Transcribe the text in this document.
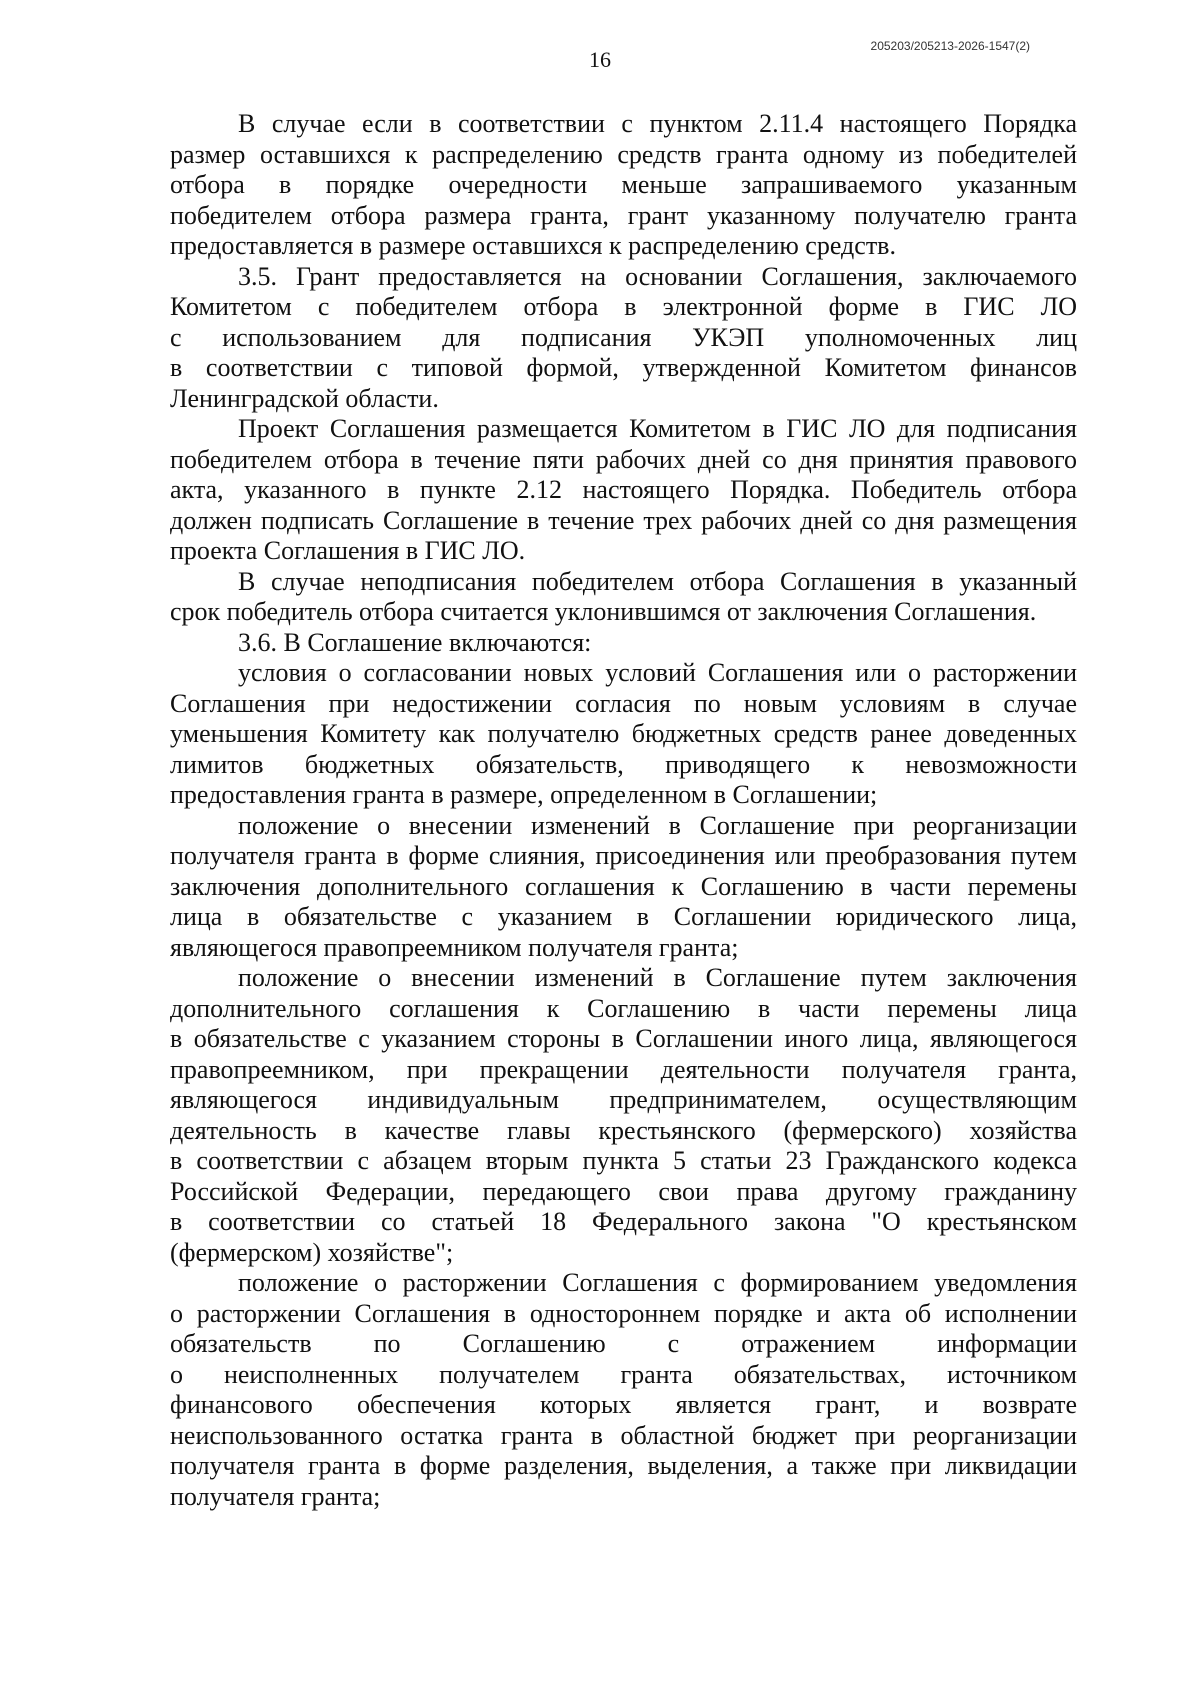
16
205203/205213-2026-1547(2)
В случае если в соответствии с пунктом 2.11.4 настоящего Порядка
размер оставшихся к распределению средств гранта одному из победителей
отбора в порядке очередности меньше запрашиваемого указанным
победителем отбора размера гранта, грант указанному получателю гранта
предоставляется в размере оставшихся к распределению средств.
3.5. Грант предоставляется на основании Соглашения, заключаемого
Комитетом с победителем отбора в электронной форме в ГИС ЛО
с использованием для подписания УКЭП уполномоченных лиц
в соответствии с типовой формой, утвержденной Комитетом финансов
Ленинградской области.
Проект Соглашения размещается Комитетом в ГИС ЛО для подписания
победителем отбора в течение пяти рабочих дней со дня принятия правового
акта, указанного в пункте 2.12 настоящего Порядка. Победитель отбора
должен подписать Соглашение в течение трех рабочих дней со дня размещения
проекта Соглашения в ГИС ЛО.
В случае неподписания победителем отбора Соглашения в указанный
срок победитель отбора считается уклонившимся от заключения Соглашения.
3.6. В Соглашение включаются:
условия о согласовании новых условий Соглашения или о расторжении
Соглашения при недостижении согласия по новым условиям в случае
уменьшения Комитету как получателю бюджетных средств ранее доведенных
лимитов бюджетных обязательств, приводящего к невозможности
предоставления гранта в размере, определенном в Соглашении;
положение о внесении изменений в Соглашение при реорганизации
получателя гранта в форме слияния, присоединения или преобразования путем
заключения дополнительного соглашения к Соглашению в части перемены
лица в обязательстве с указанием в Соглашении юридического лица,
являющегося правопреемником получателя гранта;
положение о внесении изменений в Соглашение путем заключения
дополнительного соглашения к Соглашению в части перемены лица
в обязательстве с указанием стороны в Соглашении иного лица, являющегося
правопреемником, при прекращении деятельности получателя гранта,
являющегося индивидуальным предпринимателем, осуществляющим
деятельность в качестве главы крестьянского (фермерского) хозяйства
в соответствии с абзацем вторым пункта 5 статьи 23 Гражданского кодекса
Российской Федерации, передающего свои права другому гражданину
в соответствии со статьей 18 Федерального закона "О крестьянском
(фермерском) хозяйстве";
положение о расторжении Соглашения с формированием уведомления
о расторжении Соглашения в одностороннем порядке и акта об исполнении
обязательств по Соглашению с отражением информации
о неисполненных получателем гранта обязательствах, источником
финансового обеспечения которых является грант, и возврате
неиспользованного остатка гранта в областной бюджет при реорганизации
получателя гранта в форме разделения, выделения, а также при ликвидации
получателя гранта;
